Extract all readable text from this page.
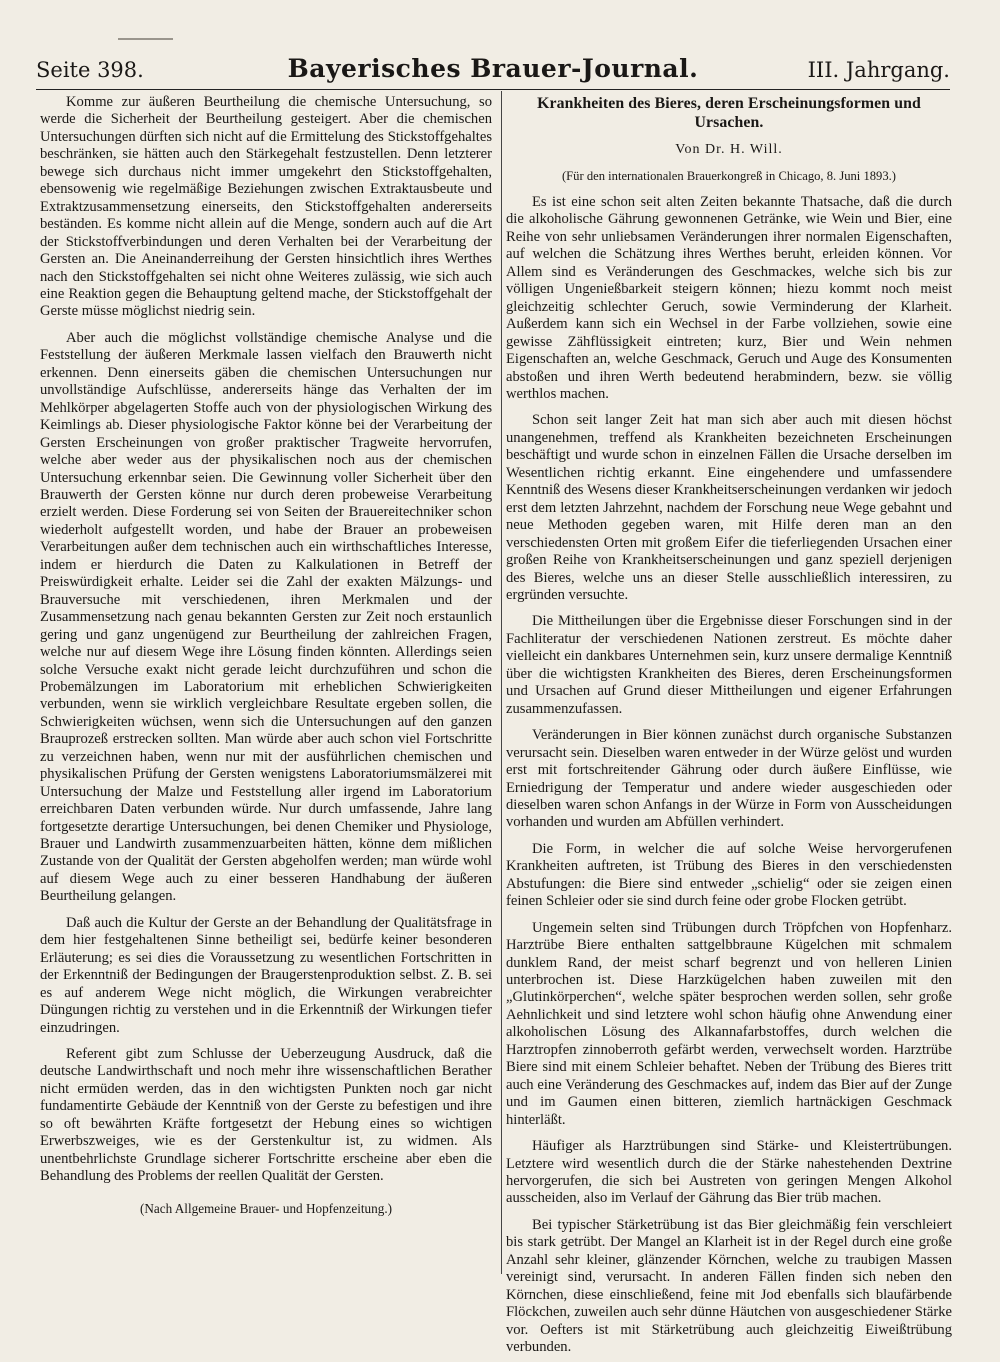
Seite 398.	Bayerisches Brauer-Journal.	III. Jahrgang.

Komme zur äußeren Beurtheilung die chemische Untersuchung, so werde die Sicherheit der Beurtheilung gesteigert. Aber die chemischen Untersuchungen dürften sich nicht auf die Ermittelung des Stickstoffgehaltes beschränken, sie hätten auch den Stärkegehalt festzustellen. Denn letzterer bewege sich durchaus nicht immer umgekehrt den Stickstoffgehalten, ebensowenig wie regelmäßige Beziehungen zwischen Extraktausbeute und Extraktzusammensetzung einerseits, den Stickstoffgehalten andererseits beständen. Es komme nicht allein auf die Menge, sondern auch auf die Art der Stickstoffverbindungen und deren Verhalten bei der Verarbeitung der Gersten an. Die Aneinanderreihung der Gersten hinsichtlich ihres Werthes nach den Stickstoffgehalten sei nicht ohne Weiteres zulässig, wie sich auch eine Reaktion gegen die Behauptung geltend mache, der Stickstoffgehalt der Gerste müsse möglichst niedrig sein.

Aber auch die möglichst vollständige chemische Analyse und die Feststellung der äußeren Merkmale lassen vielfach den Brauwerth nicht erkennen. Denn einerseits gäben die chemischen Untersuchungen nur unvollständige Aufschlüsse, andererseits hänge das Verhalten der im Mehlkörper abgelagerten Stoffe auch von der physiologischen Wirkung des Keimlings ab. Dieser physiologische Faktor könne bei der Verarbeitung der Gersten Erscheinungen von großer praktischer Tragweite hervorrufen, welche aber weder aus der physikalischen noch aus der chemischen Untersuchung erkennbar seien. Die Gewinnung voller Sicherheit über den Brauwerth der Gersten könne nur durch deren probeweise Verarbeitung erzielt werden. Diese Forderung sei von Seiten der Brauereitechniker schon wiederholt aufgestellt worden, und habe der Brauer an probeweisen Verarbeitungen außer dem technischen auch ein wirthschaftliches Interesse, indem er hierdurch die Daten zu Kalkulationen in Betreff der Preiswürdigkeit erhalte. Leider sei die Zahl der exakten Mälzungs- und Brauversuche mit verschiedenen, ihren Merkmalen und der Zusammensetzung nach genau bekannten Gersten zur Zeit noch erstaunlich gering und ganz ungenügend zur Beurtheilung der zahlreichen Fragen, welche nur auf diesem Wege ihre Lösung finden könnten. Allerdings seien solche Versuche exakt nicht gerade leicht durchzuführen und schon die Probemälzungen im Laboratorium mit erheblichen Schwierigkeiten verbunden, wenn sie wirklich vergleichbare Resultate ergeben sollen, die Schwierigkeiten wüchsen, wenn sich die Untersuchungen auf den ganzen Brauprozeß erstrecken sollten. Man würde aber auch schon viel Fortschritte zu verzeichnen haben, wenn nur mit der ausführlichen chemischen und physikalischen Prüfung der Gersten wenigstens Laboratoriumsmälzerei mit Untersuchung der Malze und Feststellung aller irgend im Laboratorium erreichbaren Daten verbunden würde. Nur durch umfassende, Jahre lang fortgesetzte derartige Untersuchungen, bei denen Chemiker und Physiologe, Brauer und Landwirth zusammenzuarbeiten hätten, könne dem mißlichen Zustande von der Qualität der Gersten abgeholfen werden; man würde wohl auf diesem Wege auch zu einer besseren Handhabung der äußeren Beurtheilung gelangen.

Daß auch die Kultur der Gerste an der Behandlung der Qualitätsfrage in dem hier festgehaltenen Sinne betheiligt sei, bedürfe keiner besonderen Erläuterung; es sei dies die Voraussetzung zu wesentlichen Fortschritten in der Erkenntniß der Bedingungen der Braugerstenproduktion selbst. Z. B. sei es auf anderem Wege nicht möglich, die Wirkungen verabreichter Düngungen richtig zu verstehen und in die Erkenntniß der Wirkungen tiefer einzudringen.

Referent gibt zum Schlusse der Ueberzeugung Ausdruck, daß die deutsche Landwirthschaft und noch mehr ihre wissenschaftlichen Berather nicht ermüden werden, das in den wichtigsten Punkten noch gar nicht fundamentirte Gebäude der Kenntniß von der Gerste zu befestigen und ihre so oft bewährten Kräfte fortgesetzt der Hebung eines so wichtigen Erwerbszweiges, wie es der Gerstenkultur ist, zu widmen. Als unentbehrlichste Grundlage sicherer Fortschritte erscheine aber eben die Behandlung des Problems der reellen Qualität der Gersten.

(Nach Allgemeine Brauer- und Hopfenzeitung.)

Krankheiten des Bieres, deren Erscheinungsformen und Ursachen.

Von Dr. H. Will.

(Für den internationalen Brauerkongreß in Chicago, 8. Juni 1893.)

Es ist eine schon seit alten Zeiten bekannte Thatsache, daß die durch die alkoholische Gährung gewonnenen Getränke, wie Wein und Bier, eine Reihe von sehr unliebsamen Veränderungen ihrer normalen Eigenschaften, auf welchen die Schätzung ihres Werthes beruht, erleiden können. Vor Allem sind es Veränderungen des Geschmackes, welche sich bis zur völligen Ungenießbarkeit steigern können; hiezu kommt noch meist gleichzeitig schlechter Geruch, sowie Verminderung der Klarheit. Außerdem kann sich ein Wechsel in der Farbe vollziehen, sowie eine gewisse Zähflüssigkeit eintreten; kurz, Bier und Wein nehmen Eigenschaften an, welche Geschmack, Geruch und Auge des Konsumenten abstoßen und ihren Werth bedeutend herabmindern, bezw. sie völlig werthlos machen.

Schon seit langer Zeit hat man sich aber auch mit diesen höchst unangenehmen, treffend als Krankheiten bezeichneten Erscheinungen beschäftigt und wurde schon in einzelnen Fällen die Ursache derselben im Wesentlichen richtig erkannt. Eine eingehendere und umfassendere Kenntniß des Wesens dieser Krankheitserscheinungen verdanken wir jedoch erst dem letzten Jahrzehnt, nachdem der Forschung neue Wege gebahnt und neue Methoden gegeben waren, mit Hilfe deren man an den verschiedensten Orten mit großem Eifer die tieferliegenden Ursachen einer großen Reihe von Krankheitserscheinungen und ganz speziell derjenigen des Bieres, welche uns an dieser Stelle ausschließlich interessiren, zu ergründen versuchte.

Die Mittheilungen über die Ergebnisse dieser Forschungen sind in der Fachliteratur der verschiedenen Nationen zerstreut. Es möchte daher vielleicht ein dankbares Unternehmen sein, kurz unsere dermalige Kenntniß über die wichtigsten Krankheiten des Bieres, deren Erscheinungsformen und Ursachen auf Grund dieser Mittheilungen und eigener Erfahrungen zusammenzufassen.

Veränderungen in Bier können zunächst durch organische Substanzen verursacht sein. Dieselben waren entweder in der Würze gelöst und wurden erst mit fortschreitender Gährung oder durch äußere Einflüsse, wie Erniedrigung der Temperatur und andere wieder ausgeschieden oder dieselben waren schon Anfangs in der Würze in Form von Ausscheidungen vorhanden und wurden am Abfüllen verhindert.

Die Form, in welcher die auf solche Weise hervorgerufenen Krankheiten auftreten, ist Trübung des Bieres in den verschiedensten Abstufungen: die Biere sind entweder „schielig“ oder sie zeigen einen feinen Schleier oder sie sind durch feine oder grobe Flocken getrübt.

Ungemein selten sind Trübungen durch Tröpfchen von Hopfenharz. Harztrübe Biere enthalten sattgelbbraune Kügelchen mit schmalem dunklem Rand, der meist scharf begrenzt und von helleren Linien unterbrochen ist. Diese Harzkügelchen haben zuweilen mit den „Glutinkörperchen“, welche später besprochen werden sollen, sehr große Aehnlichkeit und sind letztere wohl schon häufig ohne Anwendung einer alkoholischen Lösung des Alkannafarbstoffes, durch welchen die Harztropfen zinnoberroth gefärbt werden, verwechselt worden. Harztrübe Biere sind mit einem Schleier behaftet. Neben der Trübung des Bieres tritt auch eine Veränderung des Geschmackes auf, indem das Bier auf der Zunge und im Gaumen einen bitteren, ziemlich hartnäckigen Geschmack hinterläßt.

Häufiger als Harztrübungen sind Stärke- und Kleistertrübungen. Letztere wird wesentlich durch die der Stärke nahestehenden Dextrine hervorgerufen, die sich bei Austreten von geringen Mengen Alkohol ausscheiden, also im Verlauf der Gährung das Bier trüb machen.

Bei typischer Stärketrübung ist das Bier gleichmäßig fein verschleiert bis stark getrübt. Der Mangel an Klarheit ist in der Regel durch eine große Anzahl sehr kleiner, glänzender Körnchen, welche zu traubigen Massen vereinigt sind, verursacht. In anderen Fällen finden sich neben den Körnchen, diese einschließend, feine mit Jod ebenfalls sich blaufärbende Flöckchen, zuweilen auch sehr dünne Häutchen von ausgeschiedener Stärke vor. Oefters ist mit Stärketrübung auch gleichzeitig Eiweißtrübung verbunden.
